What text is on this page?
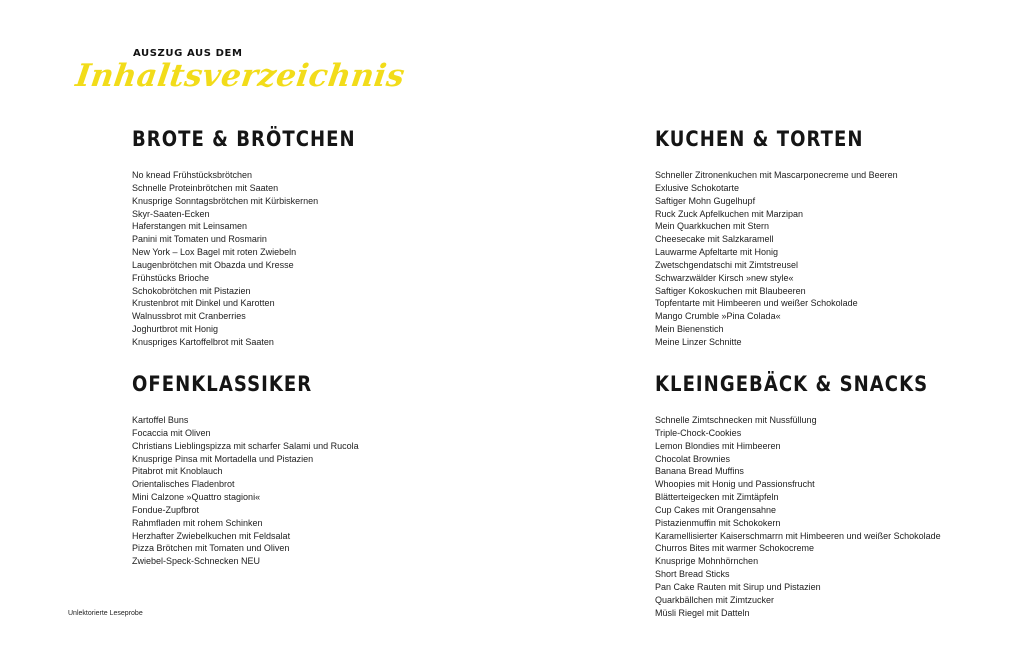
AUSZUG AUS DEM
Inhaltsverzeichnis
BROTE & BRÖTCHEN
No knead Frühstücksbrötchen
Schnelle Proteinbrötchen mit Saaten
Knusprige Sonntagsbrötchen mit Kürbiskernen
Skyr-Saaten-Ecken
Haferstangen mit Leinsamen
Panini mit Tomaten und Rosmarin
New York – Lox Bagel mit roten Zwiebeln
Laugenbrötchen mit Obazda und Kresse
Frühstücks Brioche
Schokobrötchen mit Pistazien
Krustenbrot mit Dinkel und Karotten
Walnussbrot mit Cranberries
Joghurtbrot mit Honig
Knuspriges Kartoffelbrot mit Saaten
KUCHEN & TORTEN
Schneller Zitronenkuchen mit Mascarponecreme und Beeren
Exlusive Schokotarte
Saftiger Mohn Gugelhupf
Ruck Zuck Apfelkuchen mit Marzipan
Mein Quarkkuchen mit Stern
Cheesecake mit Salzkaramell
Lauwarme Apfeltarte mit Honig
Zwetschgendatschi mit Zimtstreusel
Schwarzwälder Kirsch »new style«
Saftiger Kokoskuchen mit Blaubeeren
Topfentarte mit Himbeeren und weißer Schokolade
Mango Crumble »Pina Colada«
Mein Bienenstich
Meine Linzer Schnitte
OFENKLASSIKER
Kartoffel Buns
Focaccia mit Oliven
Christians Lieblingspizza mit scharfer Salami und Rucola
Knusprige Pinsa mit Mortadella und Pistazien
Pitabrot mit Knoblauch
Orientalisches Fladenbrot
Mini Calzone »Quattro stagioni«
Fondue-Zupfbrot
Rahmfladen mit rohem Schinken
Herzhafter Zwiebelkuchen mit Feldsalat
Pizza Brötchen mit Tomaten und Oliven
Zwiebel-Speck-Schnecken NEU
KLEINGEBÄCK & SNACKS
Schnelle Zimtschnecken mit Nussfüllung
Triple-Chock-Cookies
Lemon Blondies mit Himbeeren
Chocolat Brownies
Banana Bread Muffins
Whoopies mit Honig und Passionsfrucht
Blätterteigecken mit Zimtäpfeln
Cup Cakes mit Orangensahne
Pistazienmuffin mit Schokokern
Karamellisierter Kaiserschmarrn mit Himbeeren und weißer Schokolade
Churros Bites mit warmer Schokocreme
Knusprige Mohnhörnchen
Short Bread Sticks
Pan Cake Rauten mit Sirup und Pistazien
Quarkbällchen mit Zimtzucker
Müsli Riegel mit Datteln
Unlektorierte Leseprobe
